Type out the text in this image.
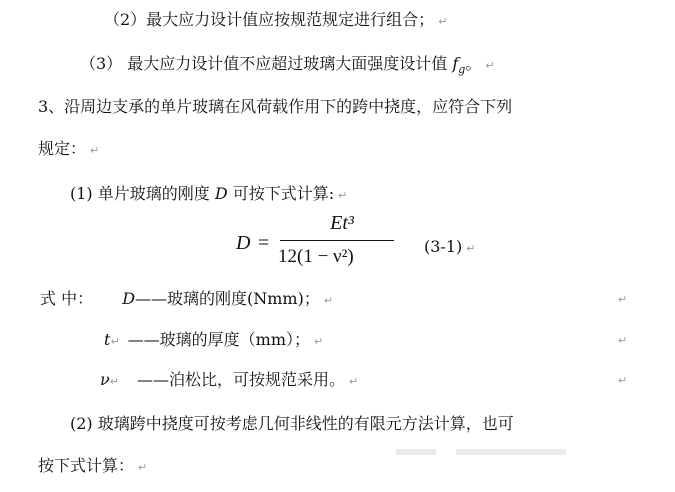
（2）最大应力设计值应按规范规定进行组合； ↵
（3） 最大应力设计值不应超过玻璃大面强度设计值 $f_g$。 ↵
3、沿周边支承的单片玻璃在风荷载作用下的跨中挠度，应符合下列
规定： ↵
(1) 单片玻璃的刚度 D 可按下式计算: ↵
D =
Et³
12(1 − ν²)	(3-1) ↵
式 中： D——玻璃的刚度(Nmm)； ↵	↵
t↵ ——玻璃的厚度（mm）； ↵	↵
ν↵ ——泊松比，可按规范采用。 ↵	↵
(2) 玻璃跨中挠度可按考虑几何非线性的有限元方法计算，也可
按下式计算： ↵
